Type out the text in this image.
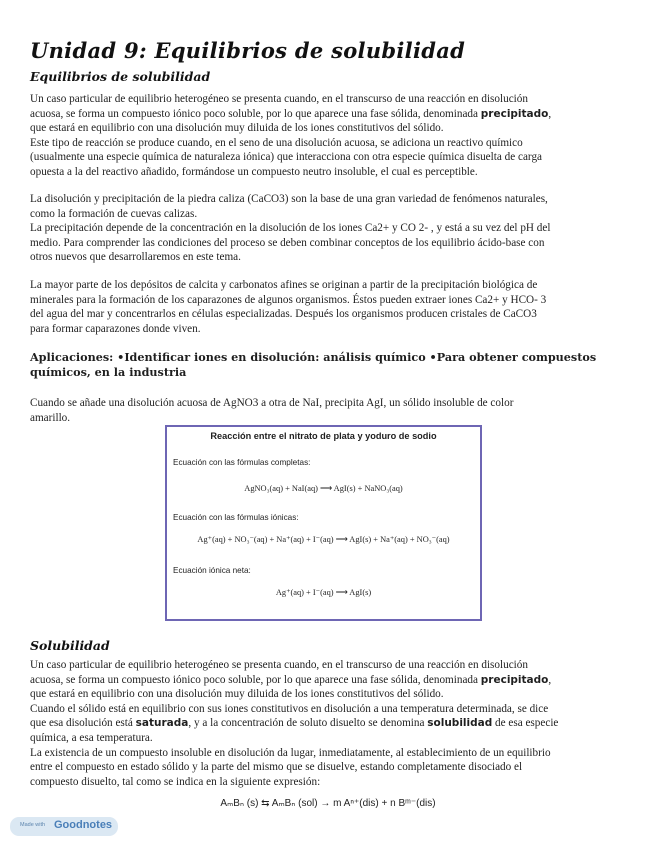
Unidad 9: Equilibrios de solubilidad
Equilibrios de solubilidad

Un caso particular de equilibrio heterogéneo se presenta cuando, en el transcurso de una reacción en disolución
acuosa, se forma un compuesto iónico poco soluble, por lo que aparece una fase sólida, denominada precipitado,
que estará en equilibrio con una disolución muy diluida de los iones constitutivos del sólido.
Este tipo de reacción se produce cuando, en el seno de una disolución acuosa, se adiciona un reactivo químico
(usualmente una especie química de naturaleza iónica) que interacciona con otra especie química disuelta de carga
opuesta a la del reactivo añadido, formándose un compuesto neutro insoluble, el cual es perceptible.

La disolución y precipitación de la piedra caliza (CaCO3) son la base de una gran variedad de fenómenos naturales,
como la formación de cuevas calizas.
La precipitación depende de la concentración en la disolución de los iones Ca2+ y CO 2- , y está a su vez del pH del
medio. Para comprender las condiciones del proceso se deben combinar conceptos de los equilibrio ácido-base con
otros nuevos que desarrollaremos en este tema.

La mayor parte de los depósitos de calcita y carbonatos afines se originan a partir de la precipitación biológica de
minerales para la formación de los caparazones de algunos organismos. Éstos pueden extraer iones Ca2+ y HCO- 3
del agua del mar y concentrarlos en células especializadas. Después los organismos producen cristales de CaCO3
para formar caparazones donde viven.

Aplicaciones: •Identificar iones en disolución: análisis químico •Para obtener compuestos
químicos, en la industria

Cuando se añade una disolución acuosa de AgNO3 a otra de NaI, precipita AgI, un sólido insoluble de color
amarillo.

Reacción entre el nitrato de plata y yoduro de sodio
Ecuación con las fórmulas completas:
AgNO₃(aq) + NaI(aq) ⟶ AgI(s) + NaNO₃(aq)
Ecuación con las fórmulas iónicas:
Ag⁺(aq) + NO₃⁻(aq) + Na⁺(aq) + I⁻(aq) ⟶ AgI(s) + Na⁺(aq) + NO₃⁻(aq)
Ecuación iónica neta:
Ag⁺(aq) + I⁻(aq) ⟶ AgI(s)
Solubilidad

Un caso particular de equilibrio heterogéneo se presenta cuando, en el transcurso de una reacción en disolución
acuosa, se forma un compuesto iónico poco soluble, por lo que aparece una fase sólida, denominada precipitado,
que estará en equilibrio con una disolución muy diluida de los iones constitutivos del sólido.
Cuando el sólido está en equilibrio con sus iones constitutivos en disolución a una temperatura determinada, se dice
que esa disolución está saturada, y a la concentración de soluto disuelto se denomina solubilidad de esa especie
química, a esa temperatura.
La existencia de un compuesto insoluble en disolución da lugar, inmediatamente, al establecimiento de un equilibrio
entre el compuesto en estado sólido y la parte del mismo que se disuelve, estando completamente disociado el
compuesto disuelto, tal como se indica en la siguiente expresión:

AₘBₙ (s) ⇆ AₘBₙ (sol) → m Aⁿ⁺(dis) + n Bᵐ⁻(dis)
Made with Goodnotes
